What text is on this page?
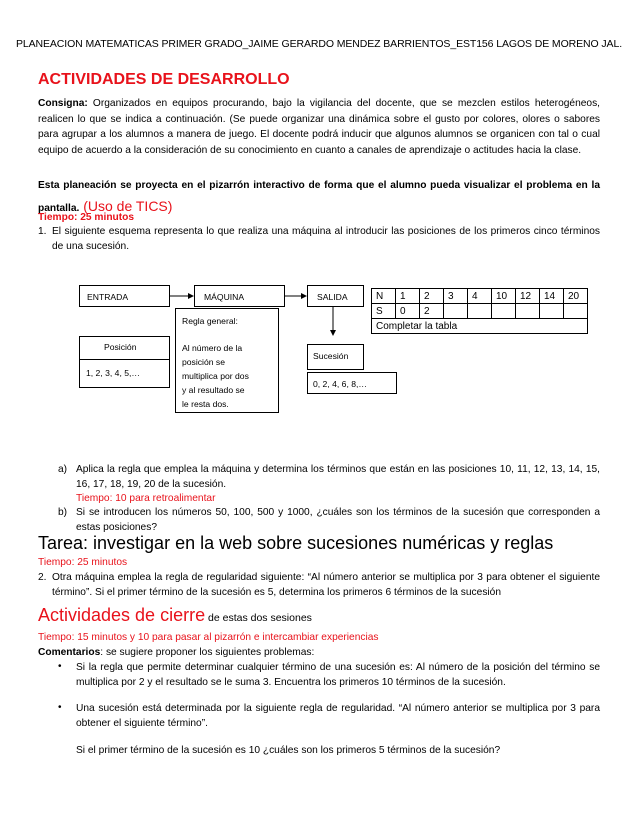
PLANEACION MATEMATICAS PRIMER GRADO_JAIME GERARDO MENDEZ BARRIENTOS_EST156 LAGOS DE MORENO JAL.
ACTIVIDADES DE DESARROLLO
Consigna: Organizados en equipos procurando, bajo la vigilancia del docente, que se mezclen estilos heterogéneos, realicen lo que se indica a continuación. (Se puede organizar una dinámica sobre el gusto por colores, olores o sabores para agrupar a los alumnos a manera de juego. El docente podrá inducir que algunos alumnos se organicen con tal o cual equipo de acuerdo a la consideración de su conocimiento en cuanto a canales de aprendizaje o actitudes hacia la clase.
Esta planeación se proyecta en el pizarrón interactivo de forma que el alumno pueda visualizar el problema en la pantalla. (Uso de TICS)
Tiempo: 25 minutos
1. El siguiente esquema representa lo que realiza una máquina al introducir las posiciones de los primeros cinco términos de una sucesión.
ENTRADA	MÁQUINA	SALIDA
Regla general:
Al número de la
posición se
multiplica por dos
y al resultado se
le resta dos.
Posición
1, 2, 3, 4, 5,…
Sucesión
0, 2, 4, 6, 8,…
N	1	2	3	4	10	12	14	20
S	0	2						
Completar la tabla								
a) Aplica la regla que emplea la máquina y determina los términos que están en las posiciones 10, 11, 12, 13, 14, 15, 16, 17, 18, 19, 20 de la sucesión.
Tiempo: 10 para retroalimentar
b) Si se introducen los números 50, 100, 500 y 1000, ¿cuáles son los términos de la sucesión que corresponden a estas posiciones?
Tarea: investigar en la web sobre sucesiones numéricas y reglas
Tiempo: 25 minutos
2. Otra máquina emplea la regla de regularidad siguiente: “Al número anterior se multiplica por 3 para obtener el siguiente término”. Si el primer término de la sucesión es 5, determina los primeros 6 términos de la sucesión
Actividades de cierre de estas dos sesiones
Tiempo: 15 minutos y 10 para pasar al pizarrón e intercambiar experiencias
Comentarios: se sugiere proponer los siguientes problemas:
• Si la regla que permite determinar cualquier término de una sucesión es: Al número de la posición del término se multiplica por 2 y el resultado se le suma 3. Encuentra los primeros 10 términos de la sucesión.
• Una sucesión está determinada por la siguiente regla de regularidad. “Al número anterior se multiplica por 3 para obtener el siguiente término”.
Si el primer término de la sucesión es 10 ¿cuáles son los primeros 5 términos de la sucesión?
